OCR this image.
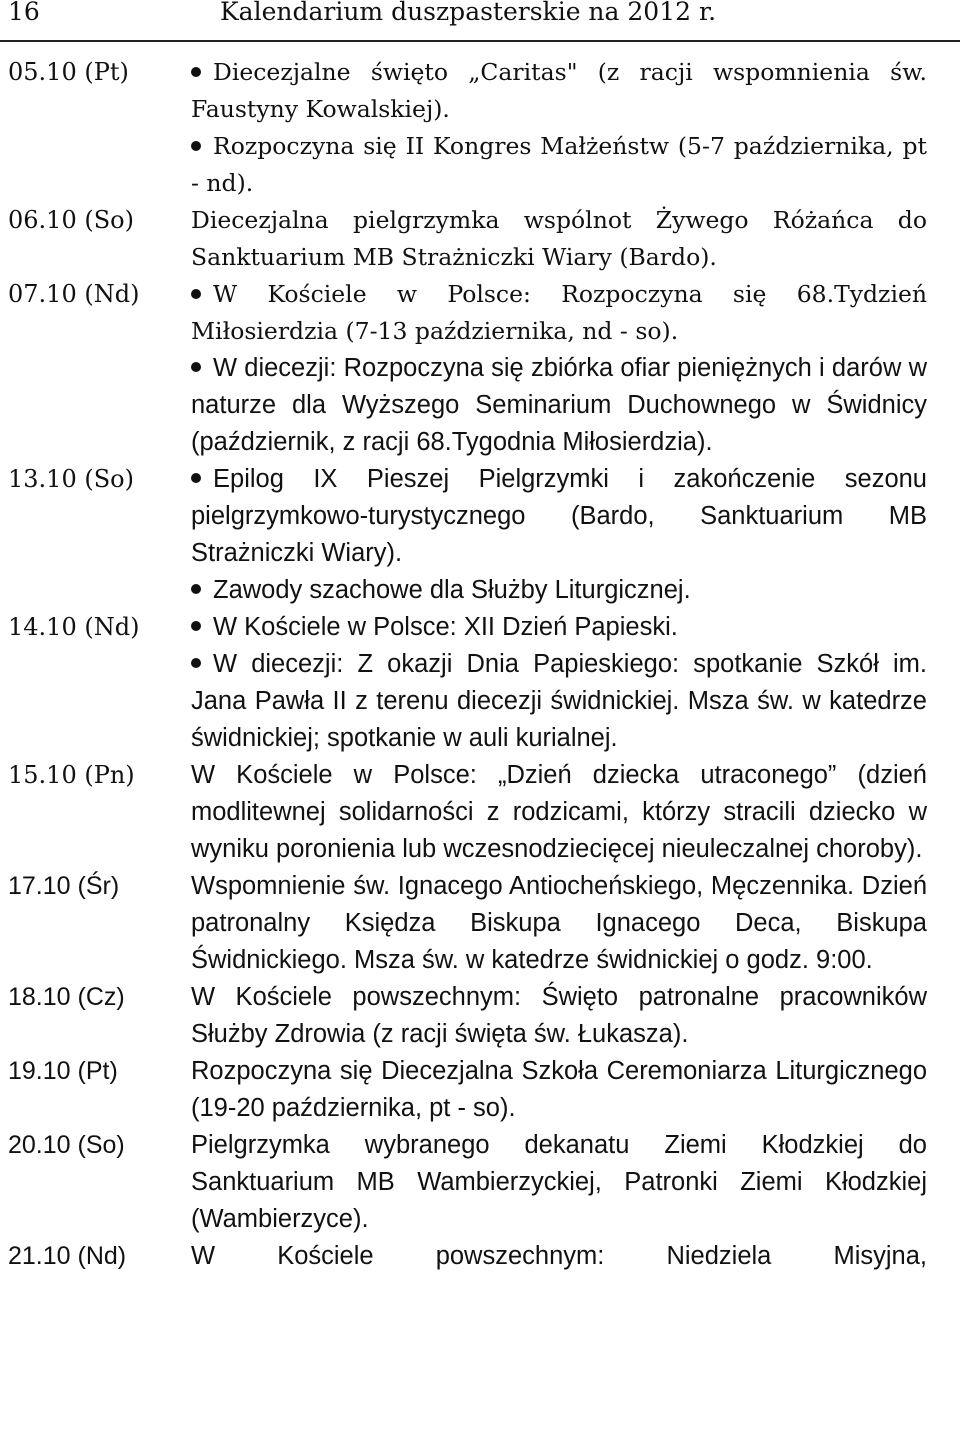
16	Kalendarium duszpasterskie na 2012 r.
05.10 (Pt)	Diecezjalne święto „Caritas" (z racji wspomnienia św. Faustyny Kowalskiej).
Rozpoczyna się II Kongres Małżeństw (5-7 października, pt - nd).
06.10 (So) Diecezjalna pielgrzymka wspólnot Żywego Różańca do Sanktuarium MB Strażniczki Wiary (Bardo).
07.10 (Nd)	W Kościele w Polsce: Rozpoczyna się 68.Tydzień Miłosierdzia (7-13 października, nd - so).
W diecezji: Rozpoczyna się zbiórka ofiar pieniężnych i darów w naturze dla Wyższego Seminarium Duchownego w Świdnicy (październik, z racji 68.Tygodnia Miłosierdzia).
13.10 (So)	Epilog IX Pieszej Pielgrzymki i zakończenie sezonu pielgrzymkowo-turystycznego (Bardo, Sanktuarium MB Strażniczki Wiary).
Zawody szachowe dla Służby Liturgicznej.
14.10 (Nd)	W Kościele w Polsce: XII Dzień Papieski.
W diecezji: Z okazji Dnia Papieskiego: spotkanie Szkół im. Jana Pawła II z terenu diecezji świdnickiej. Msza św. w katedrze świdnickiej; spotkanie w auli kurialnej.
15.10 (Pn) W Kościele w Polsce: „Dzień dziecka utraconego” (dzień modlitewnej solidarności z rodzicami, którzy stracili dziecko w wyniku poronienia lub wczesnodziecięcej nieuleczalnej choroby).
17.10 (Śr)	Wspomnienie św. Ignacego Antiocheńskiego, Męczennika. Dzień patronalny Księdza Biskupa Ignacego Deca, Biskupa Świdnickiego. Msza św. w katedrze świdnickiej o godz. 9:00.
18.10 (Cz)	W Kościele powszechnym: Święto patronalne pracowników Służby Zdrowia (z racji święta św. Łukasza).
19.10 (Pt)	Rozpoczyna się Diecezjalna Szkoła Ceremoniarza Liturgicznego (19-20 października, pt - so).
20.10 (So)	Pielgrzymka wybranego dekanatu Ziemi Kłodzkiej do Sanktuarium MB Wambierzyckiej, Patronki Ziemi Kłodzkiej (Wambierzyce).
21.10 (Nd)	W Kościele powszechnym: Niedziela Misyjna,
